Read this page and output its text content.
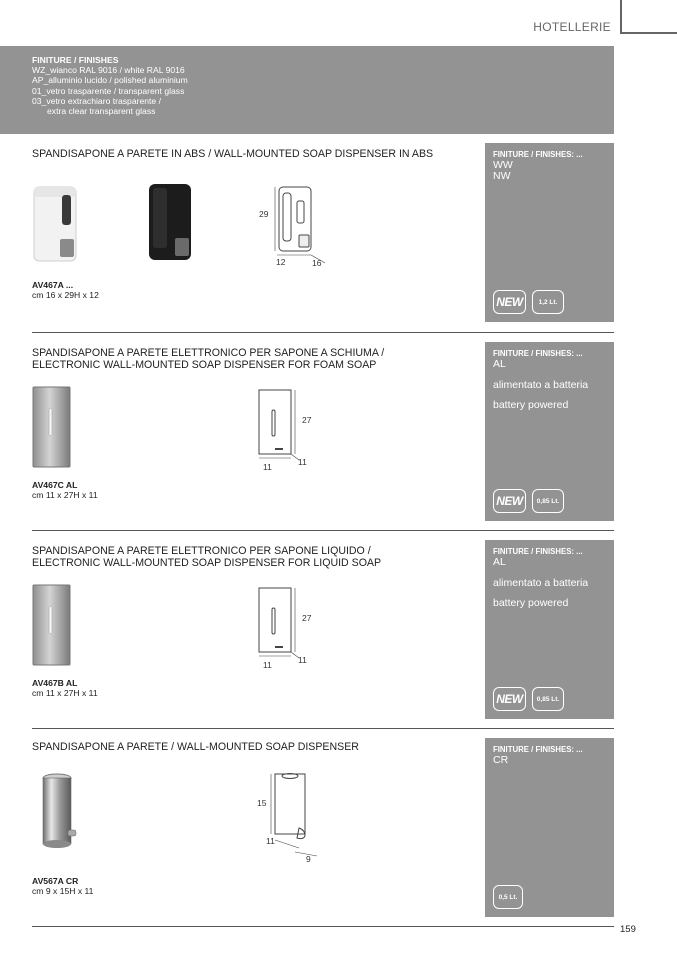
HOTELLERIE
FINITURE / FINISHES
WZ_wianco RAL 9016 / white RAL 9016
AP_alluminio lucido / polished aluminium
01_vetro trasparente / transparent glass
03_vetro extrachiaro trasparente /
extra clear transparent glass
SPANDISAPONE A PARETE IN ABS / WALL-MOUNTED SOAP DISPENSER IN ABS
29
12	16
AV467A ...
cm 16 x 29H x 12
FINITURE / FINISHES: ...
WW
NW
NEW	1,2 Lt.
SPANDISAPONE A PARETE ELETTRONICO PER SAPONE A SCHIUMA /
ELECTRONIC WALL-MOUNTED SOAP DISPENSER FOR FOAM SOAP
27
11	11
AV467C AL
cm 11 x 27H x 11
FINITURE / FINISHES: ...
AL
alimentato a batteria
battery powered
NEW	0,85 Lt.
SPANDISAPONE A PARETE ELETTRONICO PER SAPONE LIQUIDO /
ELECTRONIC WALL-MOUNTED SOAP DISPENSER FOR LIQUID SOAP
27
11	11
AV467B AL
cm 11 x 27H x 11
FINITURE / FINISHES: ...
AL
alimentato a batteria
battery powered
NEW	0,85 Lt.
SPANDISAPONE A PARETE / WALL-MOUNTED SOAP DISPENSER
15
11
9
AV567A CR
cm 9 x 15H x 11
FINITURE / FINISHES: ...
CR
0,5 Lt.
159
